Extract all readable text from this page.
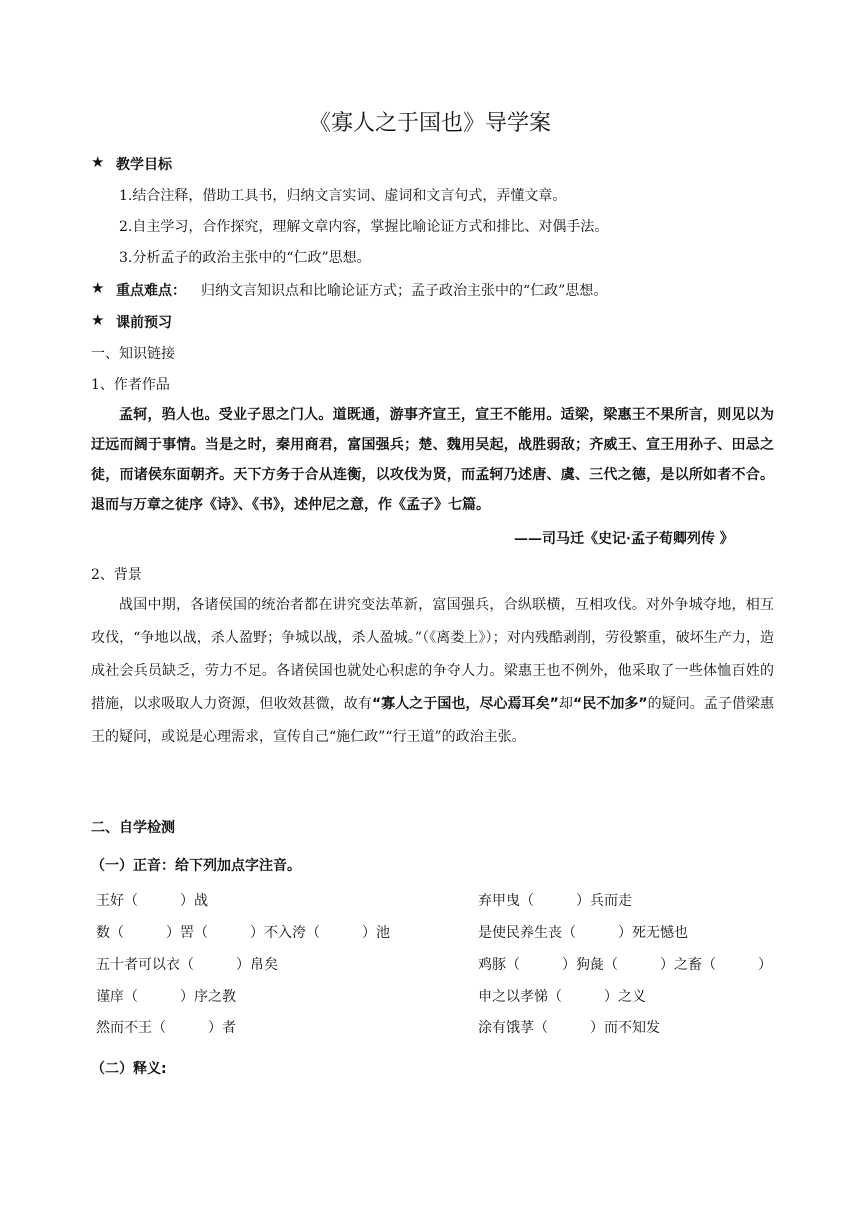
《寡人之于国也》导学案
★ 教学目标
1.结合注释，借助工具书，归纳文言实词、虚词和文言句式，弄懂文章。
2.自主学习，合作探究，理解文章内容，掌握比喻论证方式和排比、对偶手法。
3.分析孟子的政治主张中的“仁政”思想。
★ 重点难点： 归纳文言知识点和比喻论证方式；孟子政治主张中的“仁政”思想。
★ 课前预习
一、知识链接
1、作者作品
孟轲，驺人也。受业子思之门人。道既通，游事齐宣王，宣王不能用。适梁，梁惠王不果所言，则见以为迂远而阔于事情。当是之时，秦用商君，富国强兵；楚、魏用吴起，战胜弱敌；齐威王、宣王用孙子、田忌之徒，而诸侯东面朝齐。天下方务于合从连衡，以攻伐为贤，而孟轲乃述唐、虞、三代之德，是以所如者不合。退而与万章之徒序《诗》、《书》，述仲尼之意，作《孟子》七篇。
——司马迁《史记·孟子荀卿列传 》
2、背景
战国中期，各诸侯国的统治者都在讲究变法革新，富国强兵，合纵联横，互相攻伐。对外争城夺地，相互攻伐，“争地以战，杀人盈野；争城以战，杀人盈城。”（《离娄上》）；对内残酷剥削，劳役繁重，破坏生产力，造成社会兵员缺乏，劳力不足。各诸侯国也就处心积虑的争夺人力。梁惠王也不例外，他采取了一些体恤百姓的措施，以求吸取人力资源，但收效甚微，故有“寡人之于国也，尽心焉耳矣”却“民不加多”的疑问。孟子借梁惠王的疑问，或说是心理需求，宣传自己“施仁政”“行王道”的政治主张。
二、自学检测
（一）正音：给下列加点字注音。
王好（　　　）战
数（　　　）罟（　　　）不入洿（　　　）池
五十者可以衣（　　　）帛矣
谨庠（　　　）序之教
然而不王（　　　）者
弃甲曳（　　　）兵而走
是使民养生丧（　　　）死无憾也
鸡豚（　　　）狗彘（　　　）之畜（　　　）
申之以孝悌（　　　）之义
涂有饿莩（　　　）而不知发
（二）释义:
